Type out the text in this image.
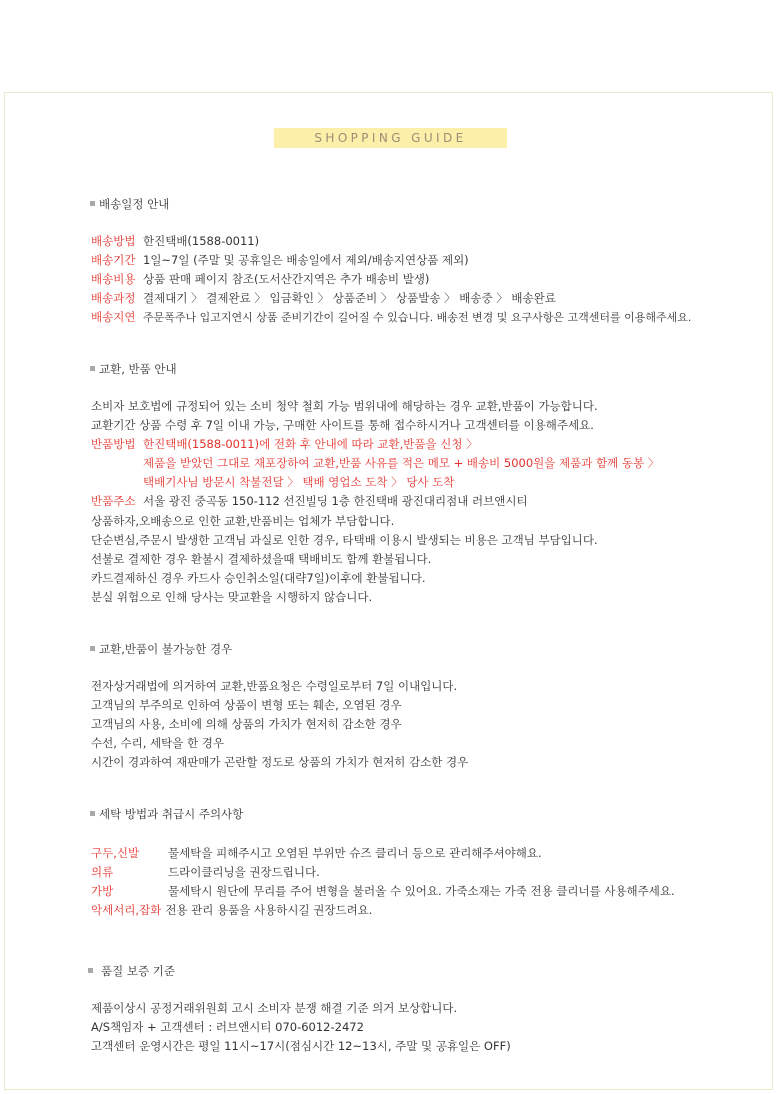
SHOPPING GUIDE
배송일정 안내
배송방법 한진택배(1588-0011)
배송기간 1일~7일 (주말 및 공휴일은 배송일에서 제외/배송지연상품 제외)
배송비용 상품 판매 페이지 참조(도서산간지역은 추가 배송비 발생)
배송과정 결제대기 〉 결제완료 〉 입금확인 〉 상품준비 〉 상품발송 〉 배송중 〉 배송완료
배송지연 주문폭주나 입고지연시 상품 준비기간이 길어질 수 있습니다. 배송전 변경 및 요구사항은 고객센터를 이용해주세요.
교환, 반품 안내
소비자 보호법에 규정되어 있는 소비 청약 철회 가능 범위내에 해당하는 경우 교환,반품이 가능합니다.
교환기간 상품 수령 후 7일 이내 가능, 구매한 사이트를 통해 접수하시거나 고객센터를 이용해주세요.
반품방법 한진택배(1588-0011)에 전화 후 안내에 따라 교환,반품을 신청 〉
제품을 받았던 그대로 재포장하여 교환,반품 사유를 적은 메모 + 배송비 5000원을 제품과 함께 동봉 〉
택배기사님 방문시 착불전달 〉 택배 영업소 도착 〉 당사 도착
반품주소 서울 광진 중곡동 150-112 선진빌딩 1층 한진택배 광진대리점내 러브앤시티
상품하자,오배송으로 인한 교환,반품비는 업체가 부담합니다.
단순변심,주문시 발생한 고객님 과실로 인한 경우, 타택배 이용시 발생되는 비용은 고객님 부담입니다.
선불로 결제한 경우 환불시 결제하셨을때 택배비도 함께 환불됩니다.
카드결제하신 경우 카드사 승인취소일(대략7일)이후에 환불됩니다.
분실 위험으로 인해 당사는 맞교환을 시행하지 않습니다.
교환,반품이 불가능한 경우
전자상거래법에 의거하여 교환,반품요청은 수령일로부터 7일 이내입니다.
고객님의 부주의로 인하여 상품이 변형 또는 훼손, 오염된 경우
고객님의 사용, 소비에 의해 상품의 가치가 현저히 감소한 경우
수선, 수리, 세탁을 한 경우
시간이 경과하여 재판매가 곤란할 정도로 상품의 가치가 현저히 감소한 경우
세탁 방법과 취급시 주의사항
구두,신발	물세탁을 피해주시고 오염된 부위만 슈즈 클리너 등으로 관리해주셔야해요.
의류	드라이클리닝을 권장드립니다.
가방	물세탁시 원단에 무리를 주어 변형을 불러올 수 있어요. 가죽소재는 가죽 전용 클리너를 사용해주세요.
악세서리,잡화 전용 관리 용품을 사용하시길 권장드려요.
품질 보증 기준
제품이상시 공정거래위원회 고시 소비자 분쟁 해결 기준 의거 보상합니다.
A/S책임자 + 고객센터 : 러브앤시티 070-6012-2472
고객센터 운영시간은 평일 11시~17시(점심시간 12~13시, 주말 및 공휴일은 OFF)
